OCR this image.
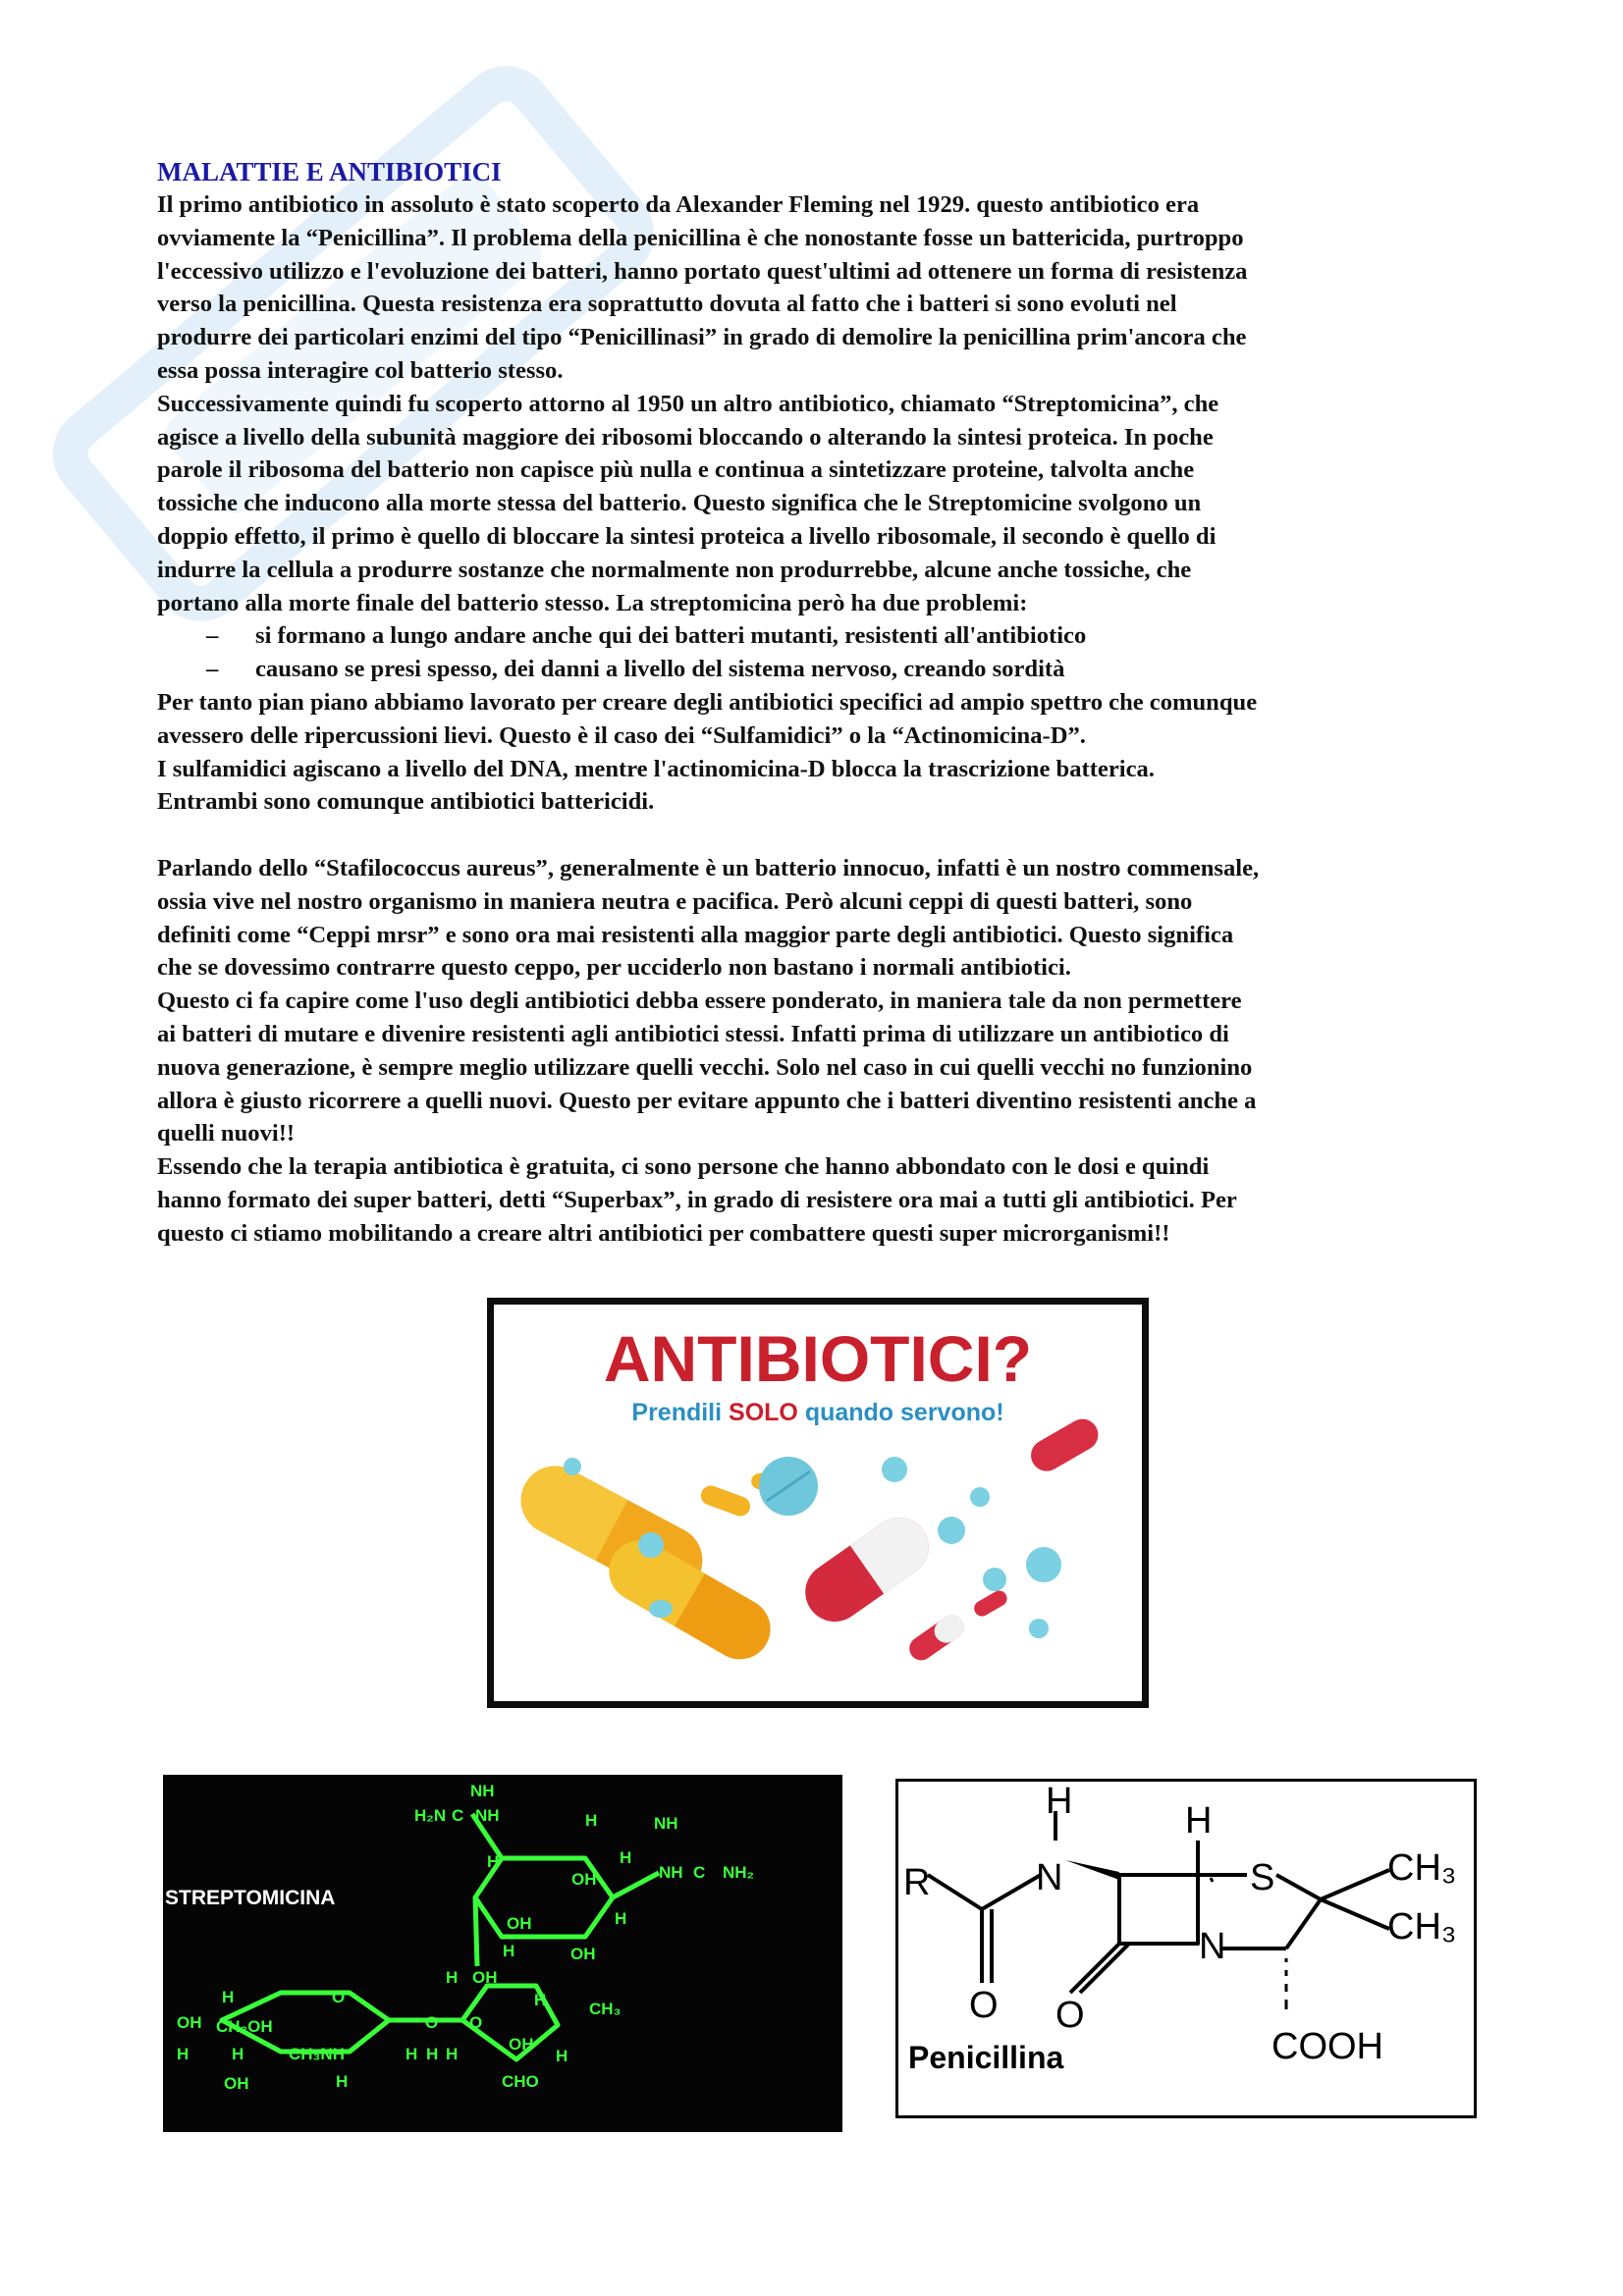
MALATTIE E ANTIBIOTICI

Il primo antibiotico in assoluto è stato scoperto da Alexander Fleming nel 1929. questo antibiotico era

ovviamente la “Penicillina”. Il problema della penicillina è che nonostante fosse un battericida, purtroppo

l'eccessivo utilizzo e l'evoluzione dei batteri, hanno portato quest'ultimi ad ottenere un forma di resistenza

verso la penicillina. Questa resistenza era soprattutto dovuta al fatto che i batteri si sono evoluti nel

produrre dei particolari enzimi del tipo “Penicillinasi” in grado di demolire la penicillina prim'ancora che

essa possa interagire col batterio stesso.

Successivamente quindi fu scoperto attorno al 1950 un altro antibiotico, chiamato “Streptomicina”, che

agisce a livello della subunità maggiore dei ribosomi bloccando o alterando la sintesi proteica. In poche

parole il ribosoma del batterio non capisce più nulla e continua a sintetizzare proteine, talvolta anche

tossiche che inducono alla morte stessa del batterio. Questo significa che le Streptomicine svolgono un

doppio effetto, il primo è quello di bloccare la sintesi proteica a livello ribosomale, il secondo è quello di

indurre la cellula a produrre sostanze che normalmente non produrrebbe, alcune anche tossiche, che

portano alla morte finale del batterio stesso. La streptomicina però ha due problemi:

– si formano a lungo andare anche qui dei batteri mutanti, resistenti all'antibiotico
– causano se presi spesso, dei danni a livello del sistema nervoso, creando sordità

Per tanto pian piano abbiamo lavorato per creare degli antibiotici specifici ad ampio spettro che comunque

avessero delle ripercussioni lievi. Questo è il caso dei “Sulfamidici” o la “Actinomicina-D”.

I sulfamidici agiscano a livello del DNA, mentre l'actinomicina-D blocca la trascrizione batterica.

Entrambi sono comunque antibiotici battericidi.

Parlando dello “Stafilococcus aureus”, generalmente è un batterio innocuo, infatti è un nostro commensale,

ossia vive nel nostro organismo in maniera neutra e pacifica. Però alcuni ceppi di questi batteri, sono

definiti come “Ceppi mrsr” e sono ora mai resistenti alla maggior parte degli antibiotici. Questo significa

che se dovessimo contrarre questo ceppo, per ucciderlo non bastano i normali antibiotici.

Questo ci fa capire come l'uso degli antibiotici debba essere ponderato, in maniera tale da non permettere

ai batteri di mutare e divenire resistenti agli antibiotici stessi. Infatti prima di utilizzare un antibiotico di

nuova generazione, è sempre meglio utilizzare quelli vecchi. Solo nel caso in cui quelli vecchi no funzionino

allora è giusto ricorrere a quelli nuovi. Questo per evitare appunto che i batteri diventino resistenti anche a

quelli nuovi!!

Essendo che la terapia antibiotica è gratuita, ci sono persone che hanno abbondato con le dosi e quindi

hanno formato dei super batteri, detti “Superbax”, in grado di resistere ora mai a tutti gli antibiotici. Per

questo ci stiamo mobilitando a creare altri antibiotici per combattere questi super microrganismi!!

ANTIBIOTICI?
Prendili SOLO quando servono!
NH
H₂N C NH	H
H
OH
NH
C NH₂
NH
H
OH
OH
H
H
OH
H
CH₂OH
OH
O
O O
H	CH₃NH
H	H
CH₃
OH
H H	H
OH	CHO
H
H
H
STREPTOMICINA
H	H
R	N	S	CH₃
CH₃
O
N
O
COOH
Penicillina
